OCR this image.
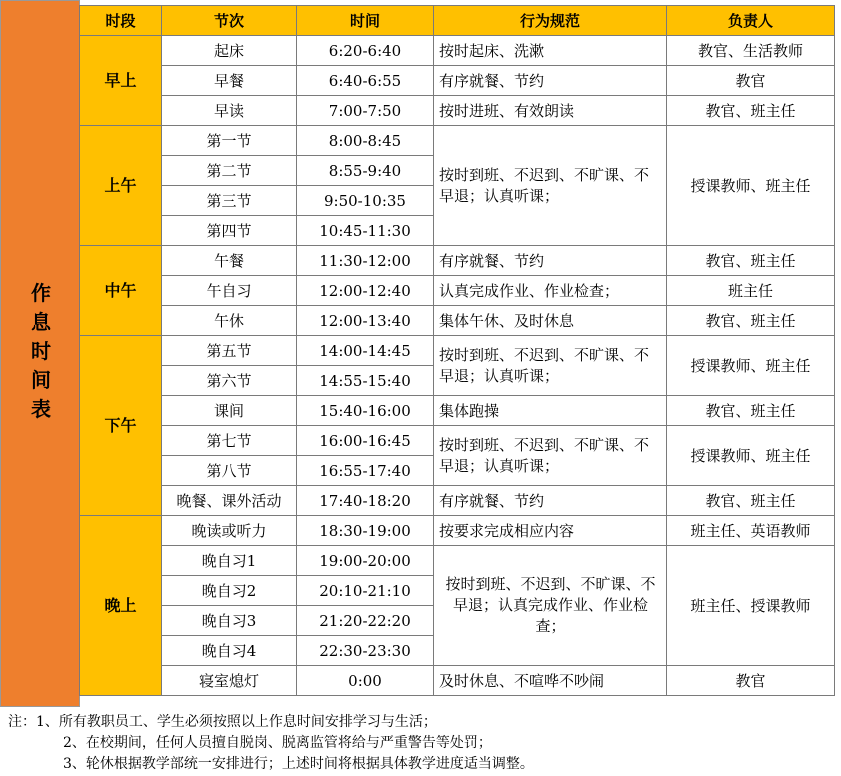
作
息
时
间
表
时段	节次	时间	行为规范	负责人
早上	起床	6:20-6:40	按时起床、洗漱	教官、生活教师
	早餐	6:40-6:55	有序就餐、节约	教官
	早读	7:00-7:50	按时进班、有效朗读	教官、班主任
上午	第一节	8:00-8:45	按时到班、不迟到、不旷课、不早退；认真听课；	授课教师、班主任
	第二节	8:55-9:40		
	第三节	9:50-10:35		
	第四节	10:45-11:30		
中午	午餐	11:30-12:00	有序就餐、节约	教官、班主任
	午自习	12:00-12:40	认真完成作业、作业检查；	班主任
	午休	12:00-13:40	集体午休、及时休息	教官、班主任
下午	第五节	14:00-14:45	按时到班、不迟到、不旷课、不早退；认真听课；	授课教师、班主任
	第六节	14:55-15:40		
	课间	15:40-16:00	集体跑操	教官、班主任
	第七节	16:00-16:45	按时到班、不迟到、不旷课、不早退；认真听课；	授课教师、班主任
	第八节	16:55-17:40		
	晚餐、课外活动	17:40-18:20	有序就餐、节约	教官、班主任
晚上	晚读或听力	18:30-19:00	按要求完成相应内容	班主任、英语教师
	晚自习1	19:00-20:00	按时到班、不迟到、不旷课、不早退；认真完成作业、作业检查；	班主任、授课教师
	晚自习2	20:10-21:10		
	晚自习3	21:20-22:20		
	晚自习4	22:30-23:30		
	寝室熄灯	0:00	及时休息、不喧哗不吵闹	教官
注：1、所有教职员工、学生必须按照以上作息时间安排学习与生活；
2、在校期间，任何人员擅自脱岗、脱离监管将给与严重警告等处罚；
3、轮休根据教学部统一安排进行；上述时间将根据具体教学进度适当调整。
